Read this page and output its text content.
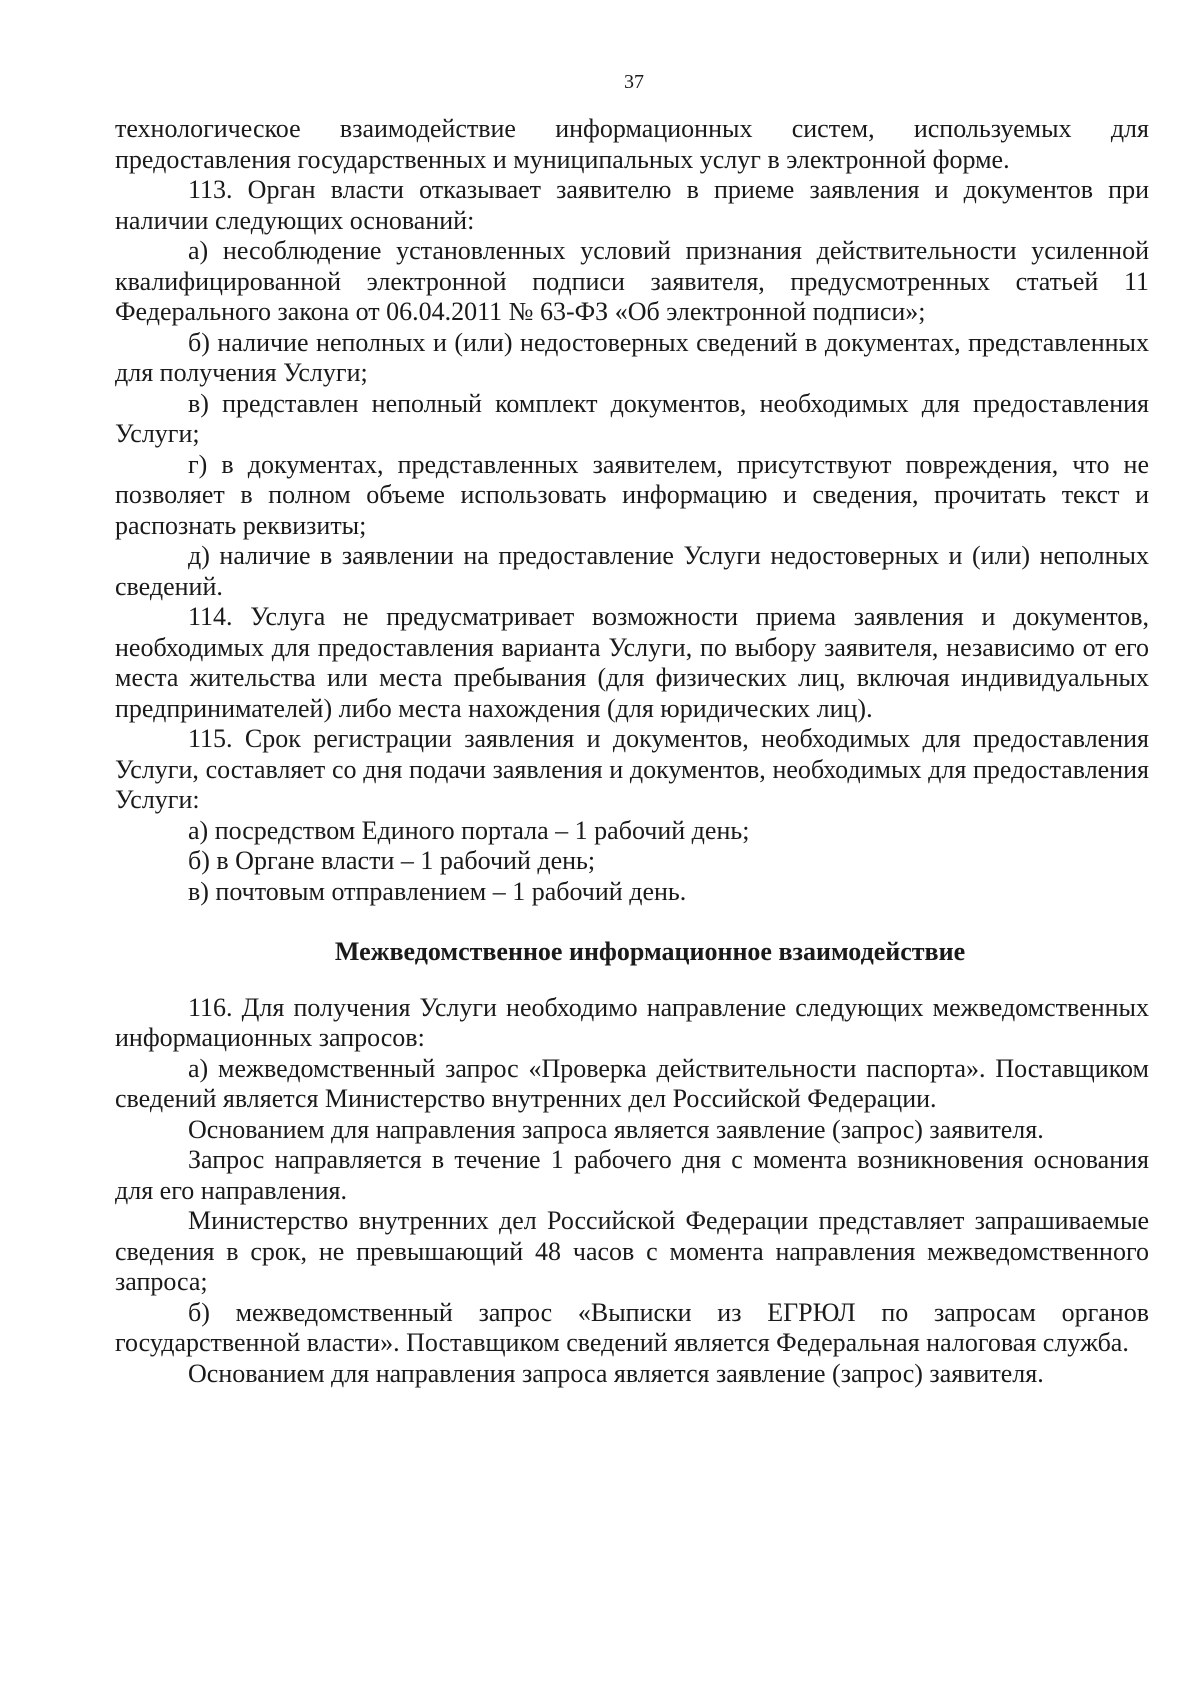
37

технологическое взаимодействие информационных систем, используемых для предоставления государственных и муниципальных услуг в электронной форме.

113. Орган власти отказывает заявителю в приеме заявления и документов при наличии следующих оснований:

а) несоблюдение установленных условий признания действительности усиленной квалифицированной электронной подписи заявителя, предусмотренных статьей 11 Федерального закона от 06.04.2011 № 63-ФЗ «Об электронной подписи»;

б) наличие неполных и (или) недостоверных сведений в документах, представленных для получения Услуги;

в) представлен неполный комплект документов, необходимых для предоставления Услуги;

г) в документах, представленных заявителем, присутствуют повреждения, что не позволяет в полном объеме использовать информацию и сведения, прочитать текст и распознать реквизиты;

д) наличие в заявлении на предоставление Услуги недостоверных и (или) неполных сведений.

114. Услуга не предусматривает возможности приема заявления и документов, необходимых для предоставления варианта Услуги, по выбору заявителя, независимо от его места жительства или места пребывания (для физических лиц, включая индивидуальных предпринимателей) либо места нахождения (для юридических лиц).

115. Срок регистрации заявления и документов, необходимых для предоставления Услуги, составляет со дня подачи заявления и документов, необходимых для предоставления Услуги:

а) посредством Единого портала – 1 рабочий день;

б) в Органе власти – 1 рабочий день;

в) почтовым отправлением – 1 рабочий день.

Межведомственное информационное взаимодействие

116. Для получения Услуги необходимо направление следующих межведомственных информационных запросов:

а) межведомственный запрос «Проверка действительности паспорта». Поставщиком сведений является Министерство внутренних дел Российской Федерации.

Основанием для направления запроса является заявление (запрос) заявителя.

Запрос направляется в течение 1 рабочего дня с момента возникновения основания для его направления.

Министерство внутренних дел Российской Федерации представляет запрашиваемые сведения в срок, не превышающий 48 часов с момента направления межведомственного запроса;

б) межведомственный запрос «Выписки из ЕГРЮЛ по запросам органов государственной власти». Поставщиком сведений является Федеральная налоговая служба.

Основанием для направления запроса является заявление (запрос) заявителя.
